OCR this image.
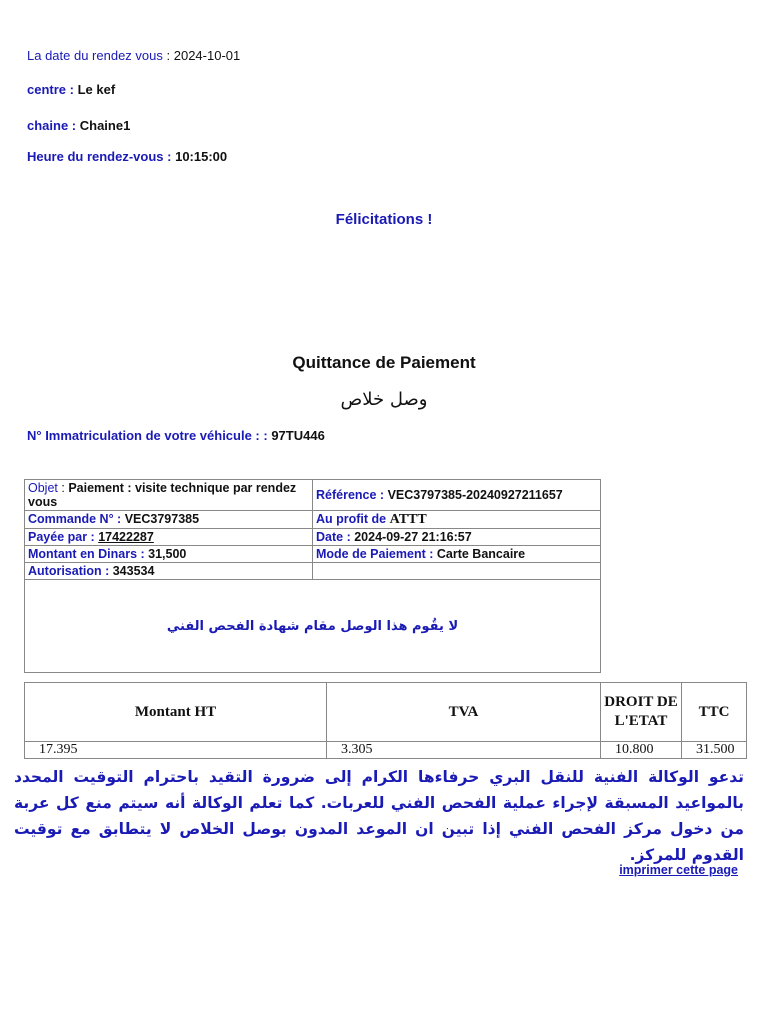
La date du rendez vous : 2024-10-01
centre : Le kef
chaine : Chaine1
Heure du rendez-vous : 10:15:00
Félicitations !
Quittance de Paiement
وصل خلاص
N° Immatriculation de votre véhicule : : 97TU446
Objet : Paiement : visite technique par rendez vous	Référence : VEC3797385-20240927211657
Commande N° : VEC3797385	Au profit de ATTT
Payée par : 17422287	Date : 2024-09-27 21:16:57
Montant en Dinars : 31,500	Mode de Paiement : Carte Bancaire
Autorisation : 343534	
لا يقُوم هذا الوصل مقام شهادة الفحص الفني	
Montant HT	TVA	DROIT DE L'ETAT	TTC
17.395	3.305	10.800	31.500
تدعو الوكالة الفنية للنقل البري حرفاءها الكرام إلى ضرورة التقيد باحترام التوقيت المحدد بالمواعيد المسبقة لإجراء عملية الفحص الفني للعربات. كما تعلم الوكالة أنه سيتم منع كل عربة من دخول مركز الفحص الفني إذا تبين ان الموعد المدون بوصل الخلاص لا يتطابق مع توقيت القدوم للمركز.
imprimer cette page
